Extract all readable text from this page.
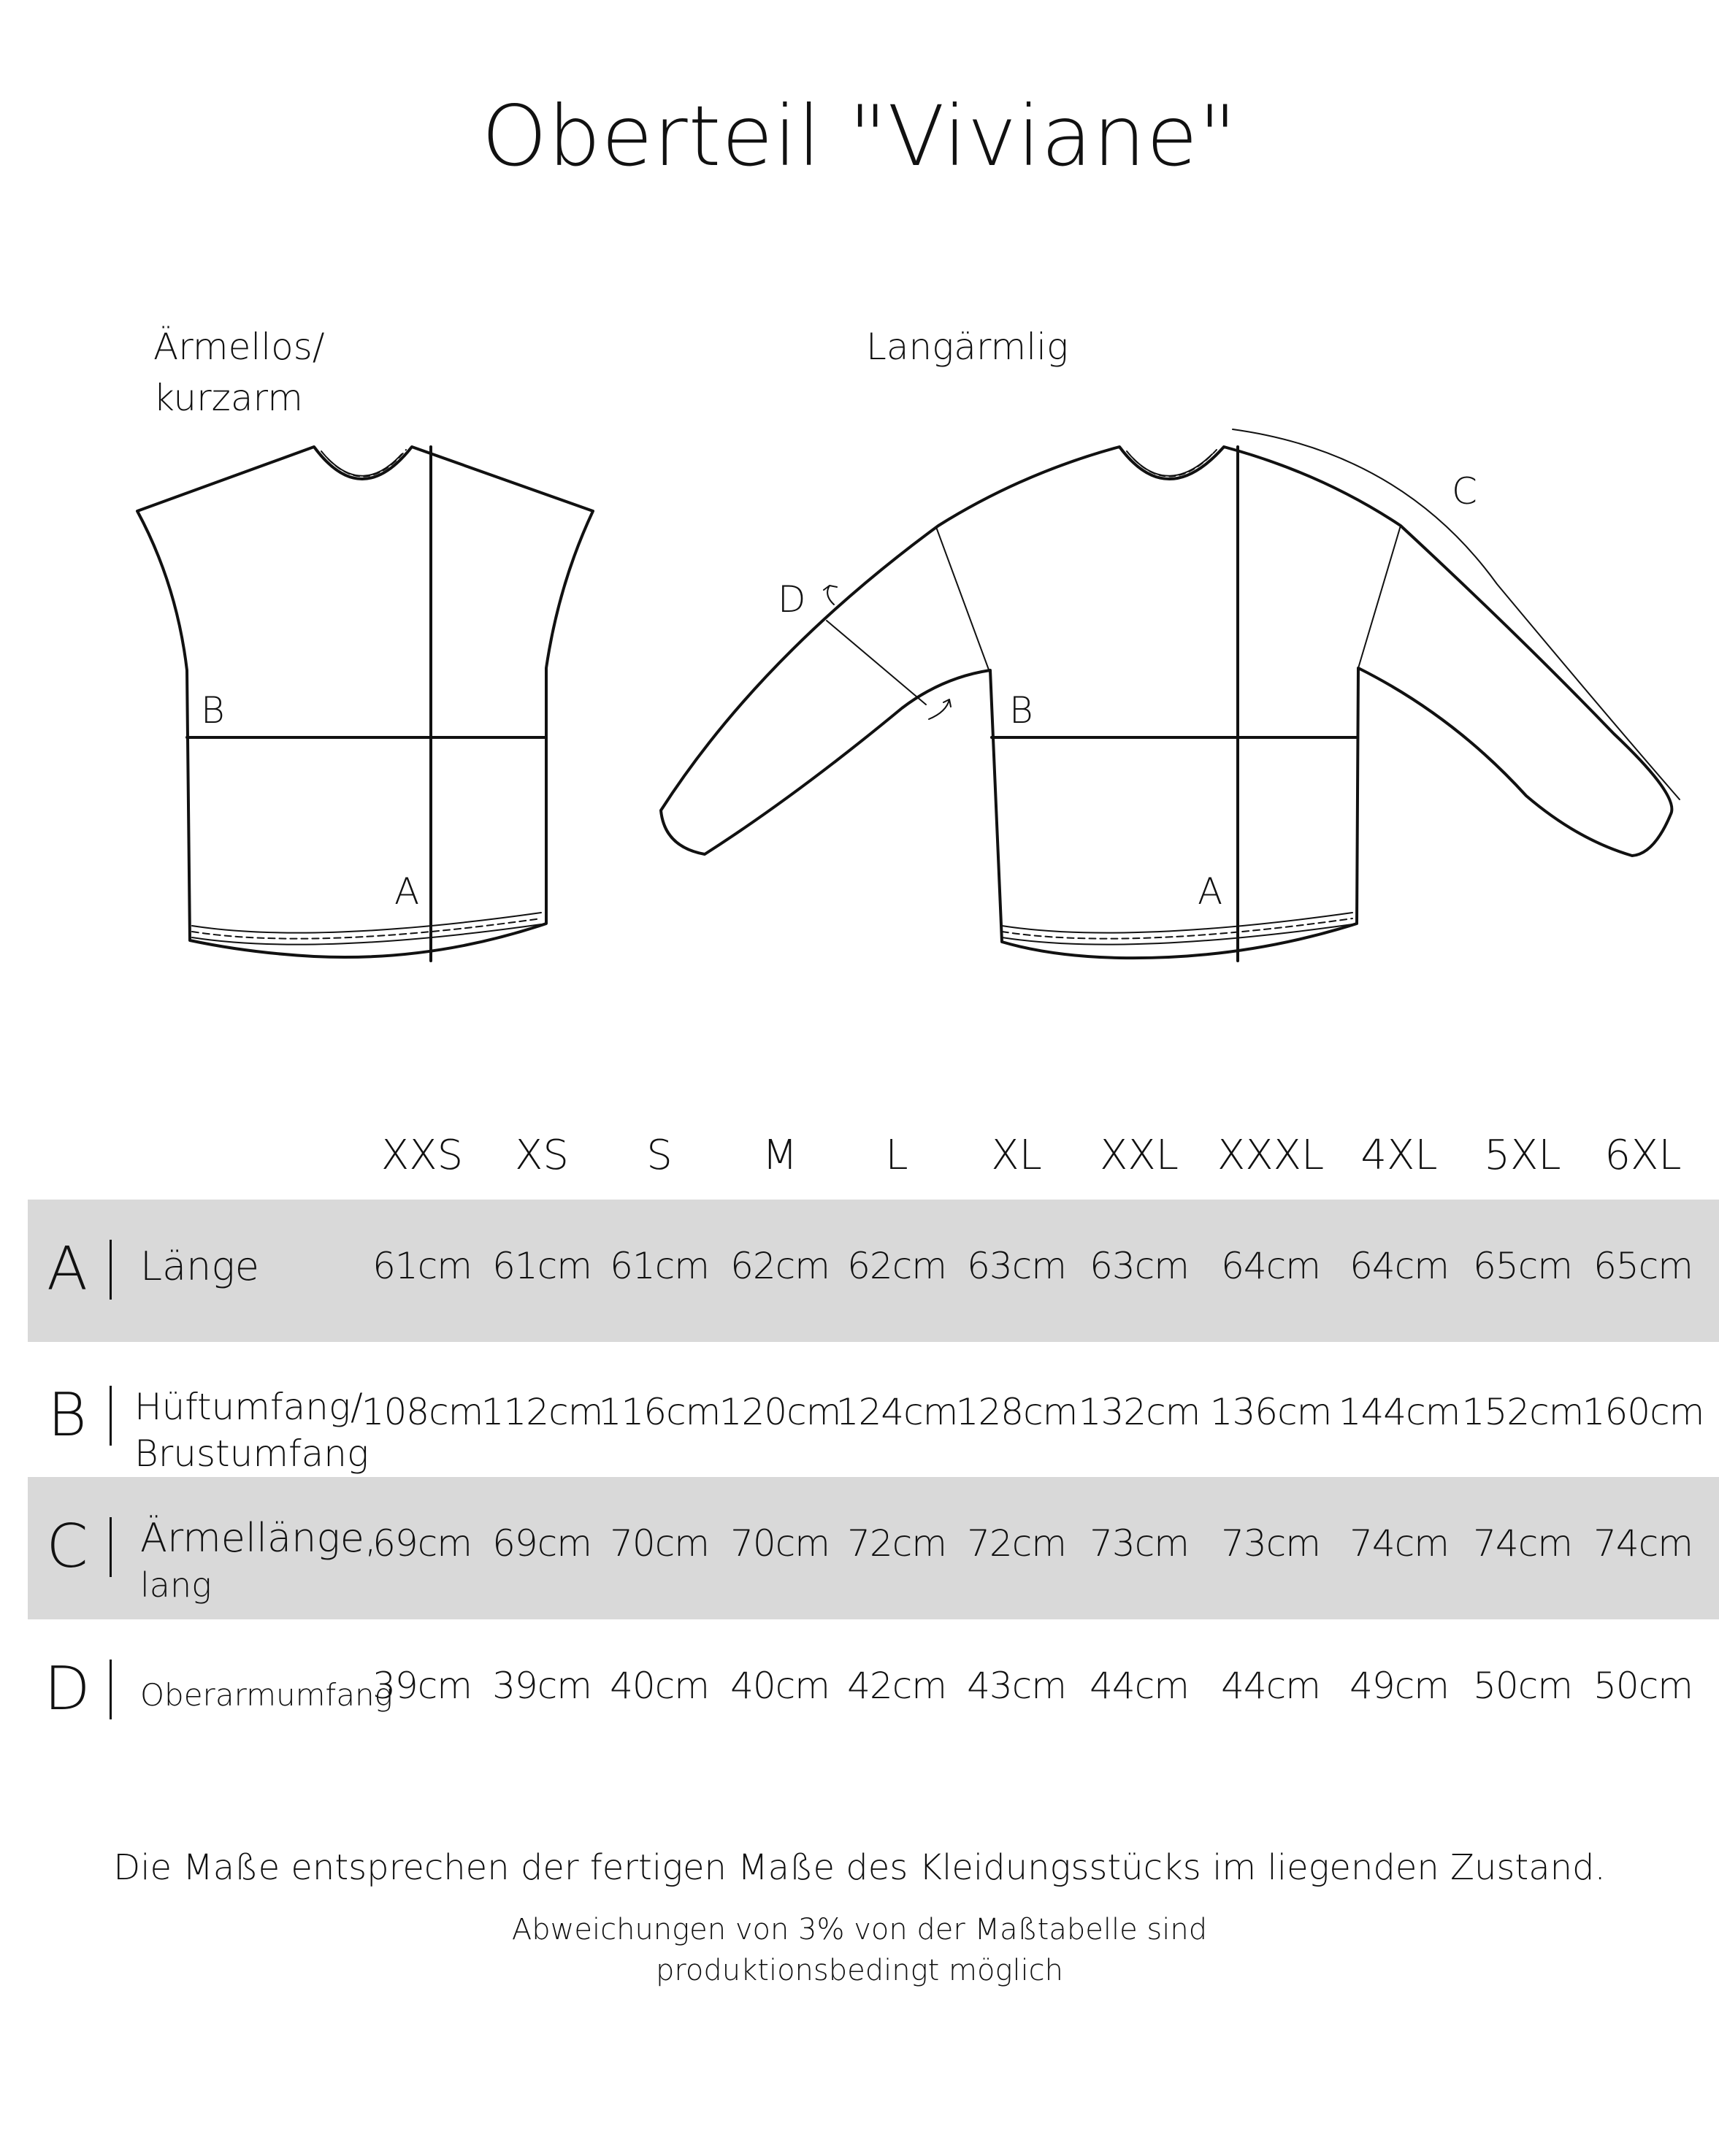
Oberteil "Viviane"
Ärmellos/
kurzarm
Langärmlig
B
A
B
A
C
D
XXS XS S M L XL XXL XXXL 4XL 5XL 6XL
A Länge	61cm 61cm 61cm 62cm 62cm 63cm 63cm 64cm 64cm 65cm 65cm
B Hüftumfang/
Brustumfang
108cm
112cm
116cm
120cm
124cm
128cm 132cm 136cm 144cm 152cm
160cm
C Ärmellänge,
lang
69cm 69cm 70cm 70cm 72cm 72cm 73cm 73cm 74cm 74cm 74cm
D Oberarmumfang
39cm 39cm 40cm 40cm 42cm 43cm 44cm 44cm 49cm 50cm 50cm
Die Maße entsprechen der fertigen Maße des Kleidungsstücks im liegenden Zustand.
Abweichungen von 3% von der Maßtabelle sind
produktionsbedingt möglich
